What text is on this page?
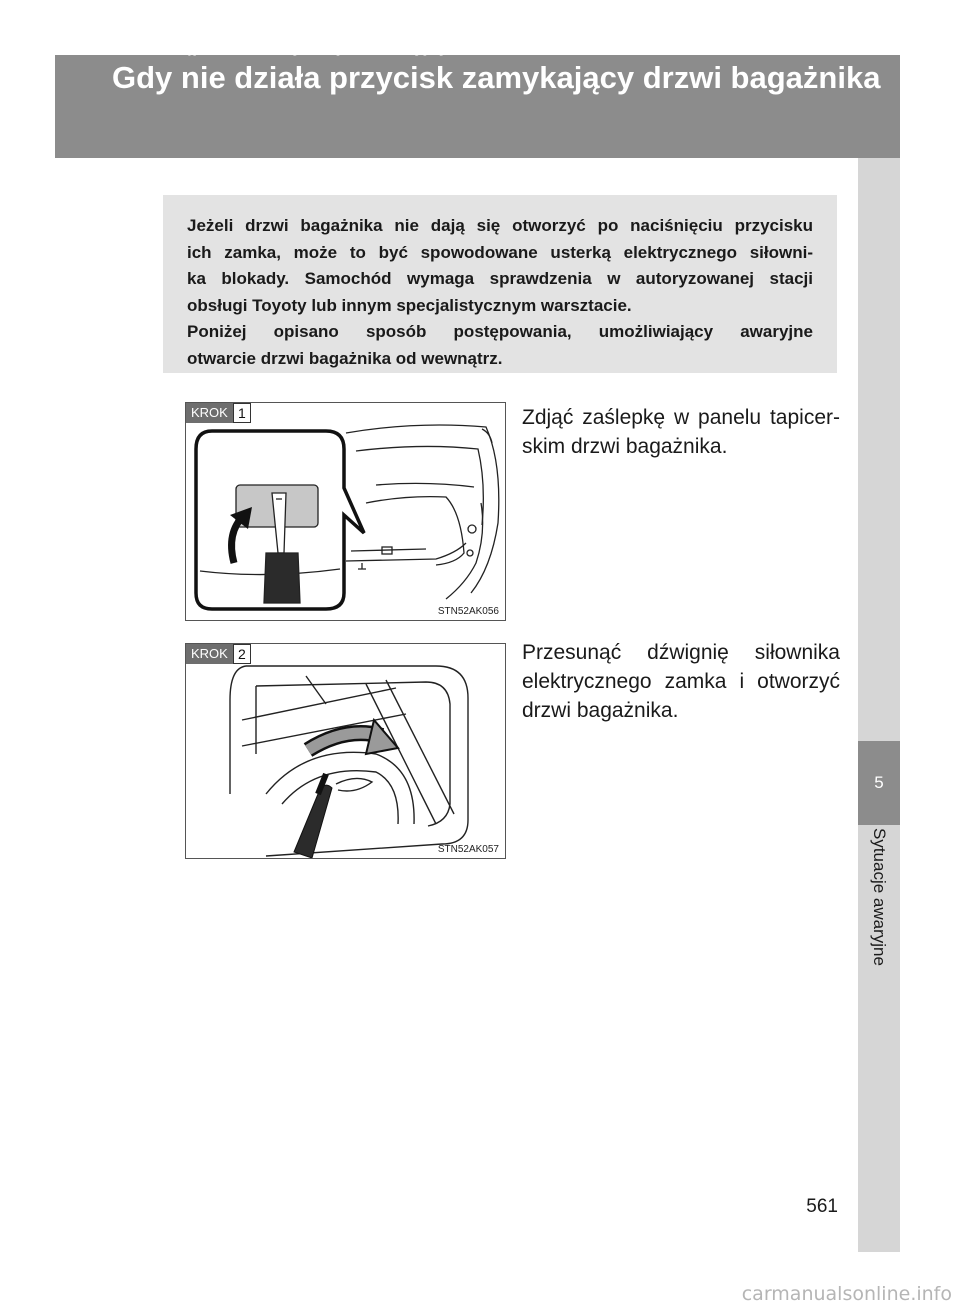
5-2. Postępowanie w sytuacjach awaryjnych
Gdy nie działa przycisk zamykający drzwi bagażnika
5
Sytuacje awaryjne
Jeżeli drzwi bagażnika nie dają się otworzyć po naciśnięciu przycisku
ich zamka, może to być spowodowane usterką elektrycznego siłowni-
ka blokady. Samochód wymaga sprawdzenia w autoryzowanej stacji
obsługi Toyoty lub innym specjalistycznym warsztacie.
Poniżej opisano sposób postępowania, umożliwiający awaryjne
otwarcie drzwi bagażnika od wewnątrz.
KROK 1
STN52AK056
KROK 2
STN52AK057
Zdjąć zaślepkę w panelu tapicer-
skim drzwi bagażnika.
Przesunąć dźwignię siłownika
elektrycznego zamka i otworzyć
drzwi bagażnika.
561
carmanualsonline.info
